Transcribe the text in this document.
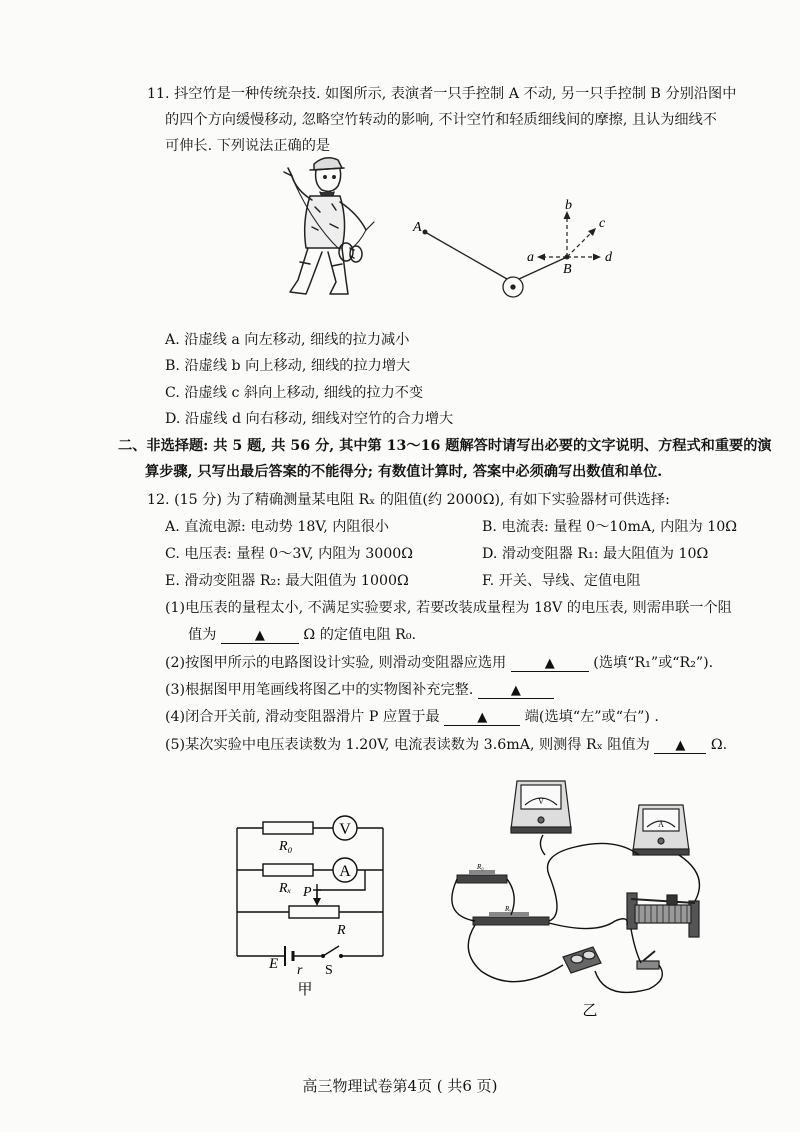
11. 抖空竹是一种传统杂技. 如图所示, 表演者一只手控制 A 不动, 另一只手控制 B 分别沿图中
的四个方向缓慢移动, 忽略空竹转动的影响, 不计空竹和轻质细线间的摩擦, 且认为细线不
可伸长. 下列说法正确的是
A
B
a
b
c
d
A. 沿虚线 a 向左移动, 细线的拉力减小
B. 沿虚线 b 向上移动, 细线的拉力增大
C. 沿虚线 c 斜向上移动, 细线的拉力不变
D. 沿虚线 d 向右移动, 细线对空竹的合力增大
二、非选择题: 共 5 题, 共 56 分, 其中第 13～16 题解答时请写出必要的文字说明、方程式和重要的演
算步骤, 只写出最后答案的不能得分; 有数值计算时, 答案中必须确写出数值和单位.
12. (15 分) 为了精确测量某电阻 Rₓ 的阻值(约 2000Ω), 有如下实验器材可供选择:
A. 直流电源: 电动势 18V, 内阻很小	B. 电流表: 量程 0～10mA, 内阻为 10Ω
C. 电压表: 量程 0～3V, 内阻为 3000Ω	D. 滑动变阻器 R₁: 最大阻值为 10Ω
E. 滑动变阻器 R₂: 最大阻值为 1000Ω	F. 开关、导线、定值电阻
(1)电压表的量程太小, 不满足实验要求, 若要改装成量程为 18V 的电压表, 则需串联一个阻
值为	▲	Ω 的定值电阻 R₀.
(2)按图甲所示的电路图设计实验, 则滑动变阻器应选用	▲	(选填“R₁”或“R₂”).
(3)根据图甲用笔画线将图乙中的实物图补充完整.	▲
(4)闭合开关前, 滑动变阻器滑片 P 应置于最	▲	端(选填“左”或“右”) .
(5)某次实验中电压表读数为 1.20V, 电流表读数为 3.6mA, 则测得 Rₓ 阻值为 ▲ Ω.
V
A
R₀
Rₓ P
R
E r S
甲
V
A
R₀
Rₓ
乙
高三物理试卷第4页 ( 共6 页)
